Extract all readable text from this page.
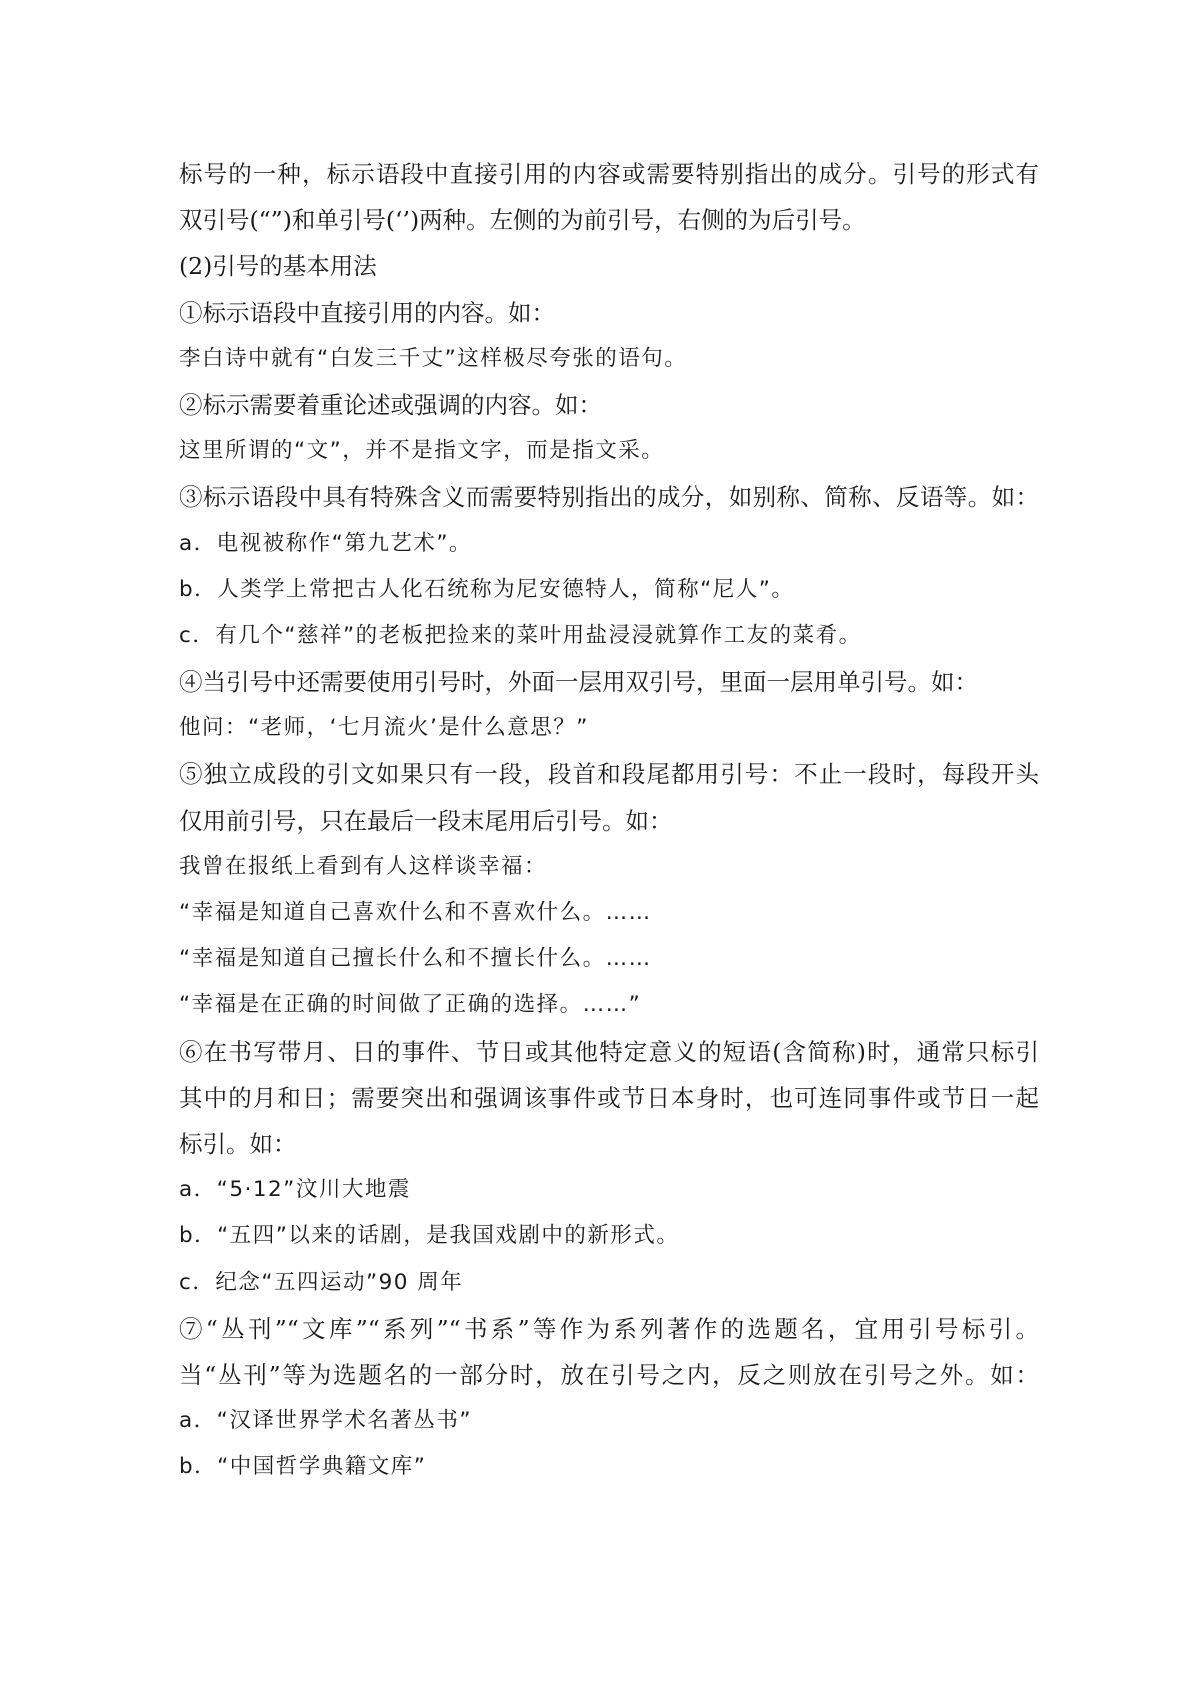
标号的一种，标示语段中直接引用的内容或需要特别指出的成分。引号的形式有
双引号(“”)和单引号(‘’)两种。左侧的为前引号，右侧的为后引号。
(2)引号的基本用法
①标示语段中直接引用的内容。如：
李白诗中就有“白发三千丈”这样极尽夸张的语句。
②标示需要着重论述或强调的内容。如：
这里所谓的“文”，并不是指文字，而是指文采。
③标示语段中具有特殊含义而需要特别指出的成分，如别称、简称、反语等。如：
a．电视被称作“第九艺术”。
b．人类学上常把古人化石统称为尼安德特人，简称“尼人”。
c．有几个“慈祥”的老板把捡来的菜叶用盐浸浸就算作工友的菜肴。
④当引号中还需要使用引号时，外面一层用双引号，里面一层用单引号。如：
他问：“老师，‘七月流火’是什么意思？”
⑤独立成段的引文如果只有一段，段首和段尾都用引号：不止一段时，每段开头
仅用前引号，只在最后一段末尾用后引号。如：
我曾在报纸上看到有人这样谈幸福：
“幸福是知道自己喜欢什么和不喜欢什么。……
“幸福是知道自己擅长什么和不擅长什么。……
“幸福是在正确的时间做了正确的选择。……”
⑥在书写带月、日的事件、节日或其他特定意义的短语(含简称)时，通常只标引
其中的月和日；需要突出和强调该事件或节日本身时，也可连同事件或节日一起
标引。如：
a．“5·12”汶川大地震
b．“五四”以来的话剧，是我国戏剧中的新形式。
c．纪念“五四运动”90 周年
⑦“丛刊”“文库”“系列”“书系”等作为系列著作的选题名，宜用引号标引。
当“丛刊”等为选题名的一部分时，放在引号之内，反之则放在引号之外。如：
a．“汉译世界学术名著丛书”
b．“中国哲学典籍文库”
